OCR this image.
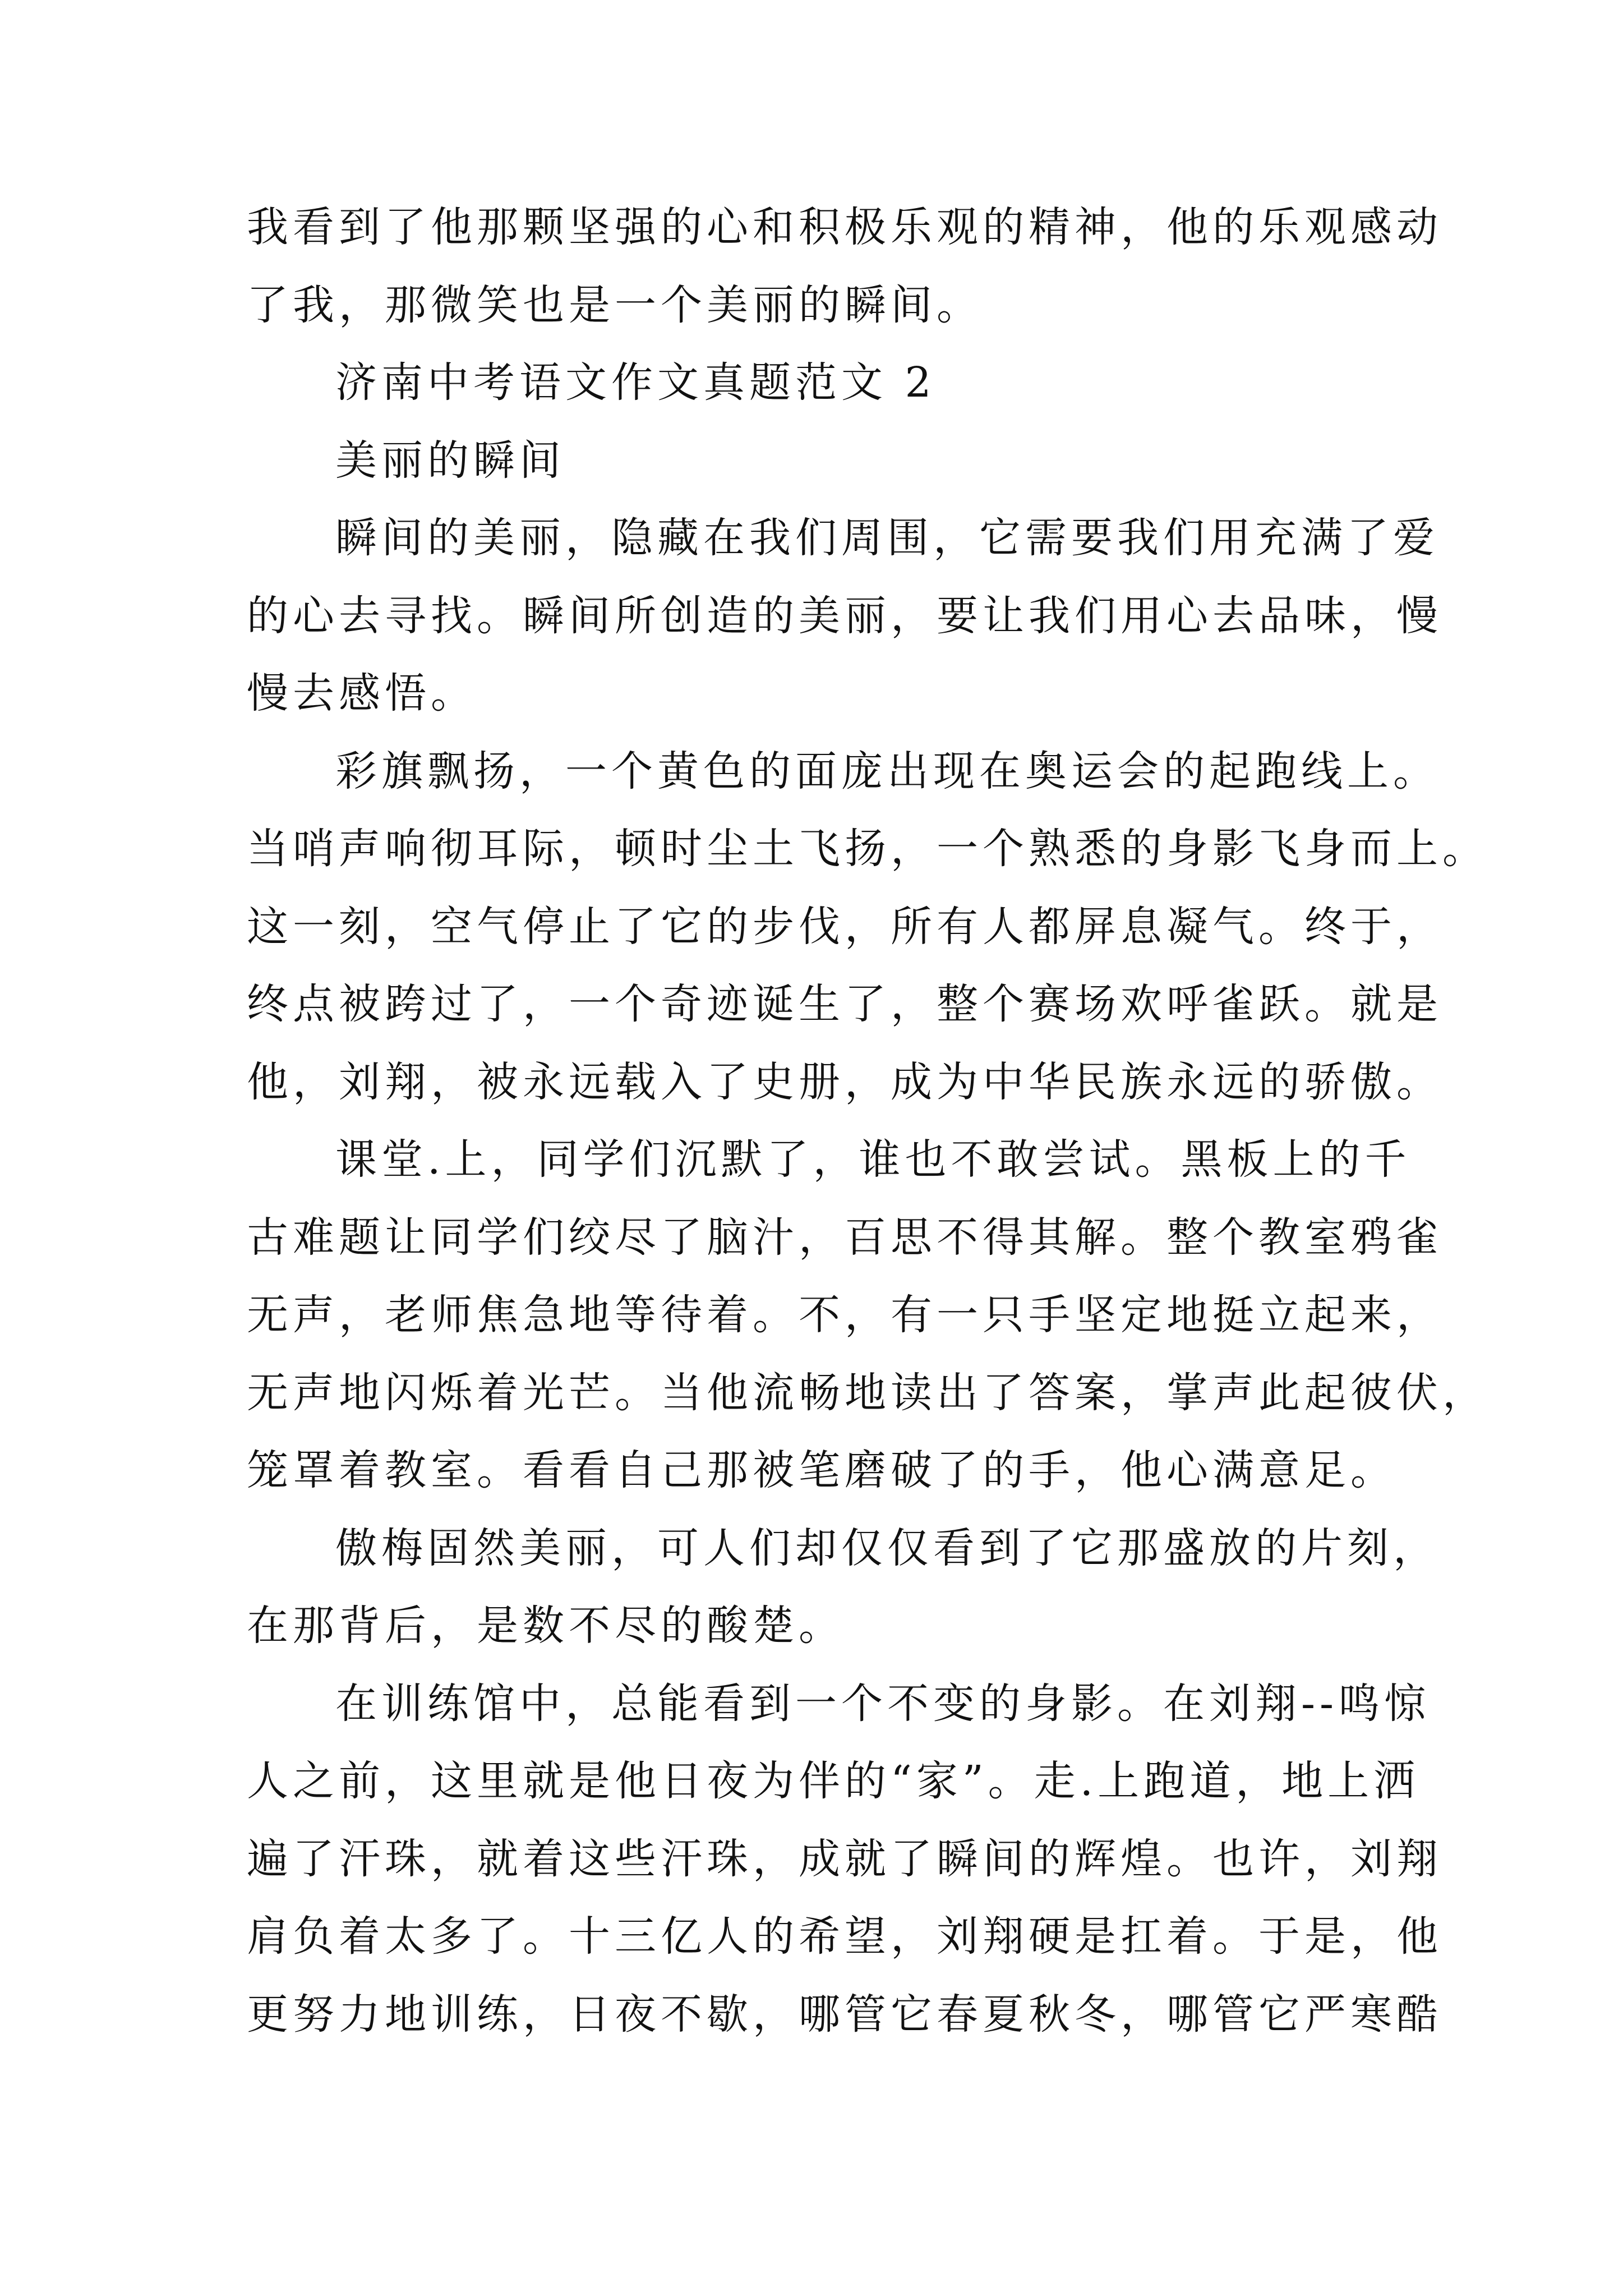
我看到了他那颗坚强的心和积极乐观的精神，他的乐观感动
了我，那微笑也是一个美丽的瞬间。
济南中考语文作文真题范文 2
美丽的瞬间
瞬间的美丽，隐藏在我们周围，它需要我们用充满了爱
的心去寻找。瞬间所创造的美丽，要让我们用心去品味，慢
慢去感悟。
彩旗飘扬，一个黄色的面庞出现在奥运会的起跑线上。
当哨声响彻耳际，顿时尘土飞扬，一个熟悉的身影飞身而上。
这一刻，空气停止了它的步伐，所有人都屏息凝气。终于，
终点被跨过了，一个奇迹诞生了，整个赛场欢呼雀跃。就是
他，刘翔，被永远载入了史册，成为中华民族永远的骄傲。
课堂.上，同学们沉默了，谁也不敢尝试。黑板上的千
古难题让同学们绞尽了脑汁，百思不得其解。整个教室鸦雀
无声，老师焦急地等待着。不，有一只手坚定地挺立起来，
无声地闪烁着光芒。当他流畅地读出了答案，掌声此起彼伏，
笼罩着教室。看看自己那被笔磨破了的手，他心满意足。
傲梅固然美丽，可人们却仅仅看到了它那盛放的片刻，
在那背后，是数不尽的酸楚。
在训练馆中，总能看到一个不变的身影。在刘翔--鸣惊
人之前，这里就是他日夜为伴的“家”。走.上跑道，地上洒
遍了汗珠，就着这些汗珠，成就了瞬间的辉煌。也许，刘翔
肩负着太多了。十三亿人的希望，刘翔硬是扛着。于是，他
更努力地训练，日夜不歇，哪管它春夏秋冬，哪管它严寒酷
